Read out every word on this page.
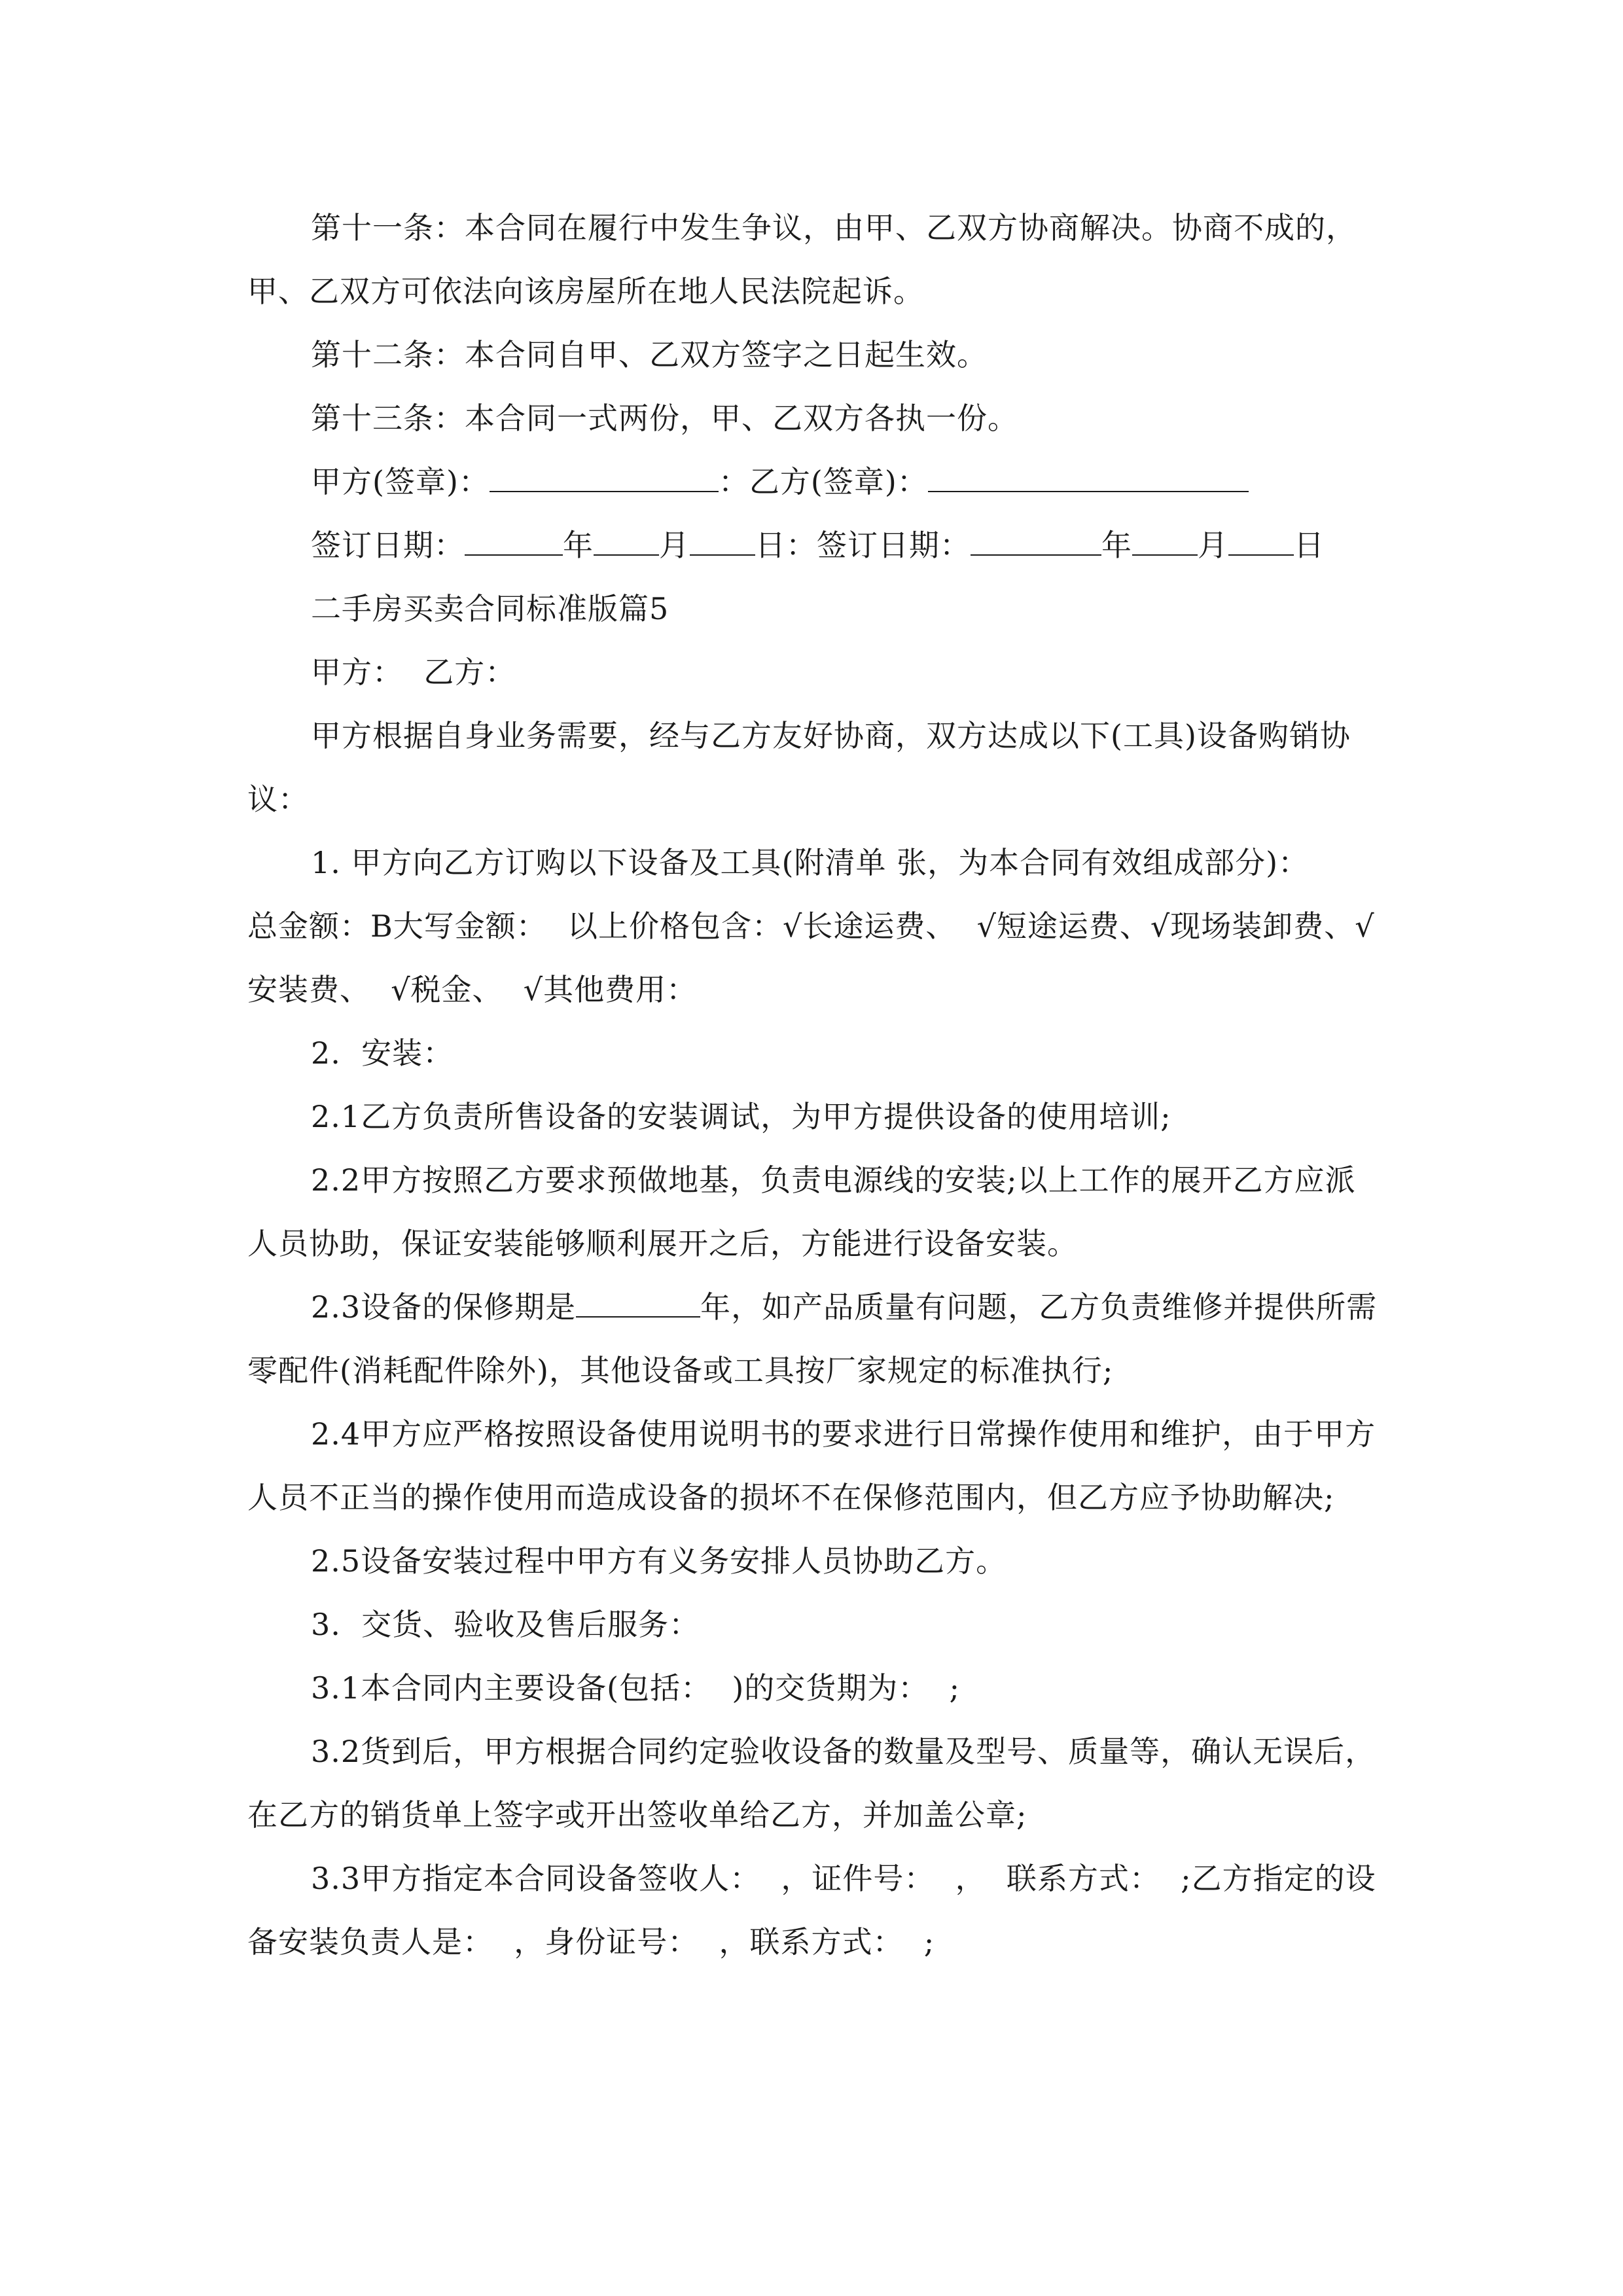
第十一条：本合同在履行中发生争议，由甲、乙双方协商解决。协商不成的，甲、乙双方可依法向该房屋所在地人民法院起诉。

第十二条：本合同自甲、乙双方签字之日起生效。

第十三条：本合同一式两份，甲、乙双方各执一份。

甲方(签章)：	：乙方(签章)：

签订日期：	年 月 日：签订日期：	年 月 日

二手房买卖合同标准版篇5

甲方：  乙方：

甲方根据自身业务需要，经与乙方友好协商，双方达成以下(工具)设备购销协议：

1. 甲方向乙方订购以下设备及工具(附清单 张，为本合同有效组成部分)：

总金额：B大写金额：  以上价格包含：√长途运费、  √短途运费、√现场装卸费、√安装费、  √税金、  √其他费用：

2.  安装：

2.1乙方负责所售设备的安装调试，为甲方提供设备的使用培训;

2.2甲方按照乙方要求预做地基，负责电源线的安装;以上工作的展开乙方应派人员协助，保证安装能够顺利展开之后，方能进行设备安装。

2.3设备的保修期是	年，如产品质量有问题，乙方负责维修并提供所需零配件(消耗配件除外)，其他设备或工具按厂家规定的标准执行;

2.4甲方应严格按照设备使用说明书的要求进行日常操作使用和维护，由于甲方人员不正当的操作使用而造成设备的损坏不在保修范围内，但乙方应予协助解决;

2.5设备安装过程中甲方有义务安排人员协助乙方。

3.  交货、验收及售后服务：

3.1本合同内主要设备(包括：  )的交货期为：  ;

3.2货到后，甲方根据合同约定验收设备的数量及型号、质量等，确认无误后，在乙方的销货单上签字或开出签收单给乙方，并加盖公章;

3.3甲方指定本合同设备签收人：  ，证件号：  ，  联系方式：  ;乙方指定的设备安装负责人是：  ，身份证号：  ，联系方式：  ;
